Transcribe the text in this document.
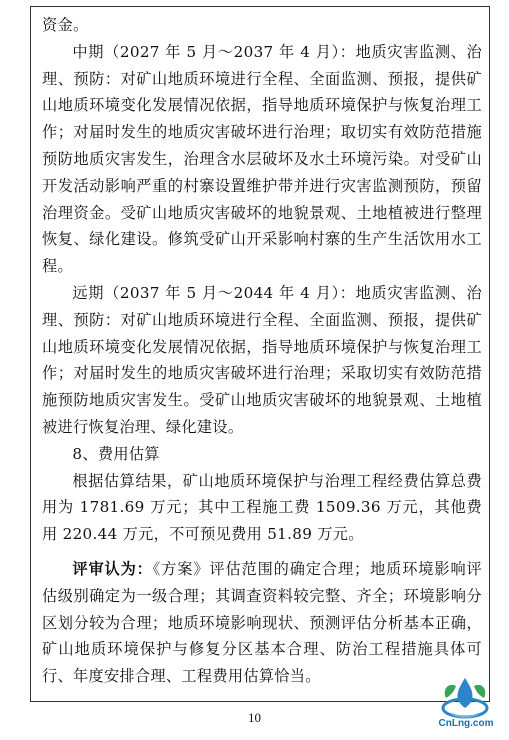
资金。

中期（2027 年 5 月～2037 年 4 月）：地质灾害监测、治理、预防：对矿山地质环境进行全程、全面监测、预报，提供矿山地质环境变化发展情况依据，指导地质环境保护与恢复治理工作；对届时发生的地质灾害破坏进行治理；取切实有效防范措施预防地质灾害发生，治理含水层破坏及水土环境污染。对受矿山开发活动影响严重的村寨设置维护带并进行灾害监测预防，预留治理资金。受矿山地质灾害破坏的地貌景观、土地植被进行整理恢复、绿化建设。修筑受矿山开采影响村寨的生产生活饮用水工程。

远期（2037 年 5 月～2044 年 4 月）：地质灾害监测、治理、预防：对矿山地质环境进行全程、全面监测、预报，提供矿山地质环境变化发展情况依据，指导地质环境保护与恢复治理工作；对届时发生的地质灾害破坏进行治理；采取切实有效防范措施预防地质灾害发生。受矿山地质灾害破坏的地貌景观、土地植被进行恢复治理、绿化建设。

8、费用估算

根据估算结果，矿山地质环境保护与治理工程经费估算总费用为 1781.69 万元；其中工程施工费 1509.36 万元，其他费用 220.44 万元，不可预见费用 51.89 万元。

评审认为：《方案》评估范围的确定合理；地质环境影响评估级别确定为一级合理；其调查资料较完整、齐全；环境影响分区划分较为合理；地质环境影响现状、预测评估分析基本正确，矿山地质环境保护与修复分区基本合理、防治工程措施具体可行、年度安排合理、工程费用估算恰当。

10	CnLng.com
